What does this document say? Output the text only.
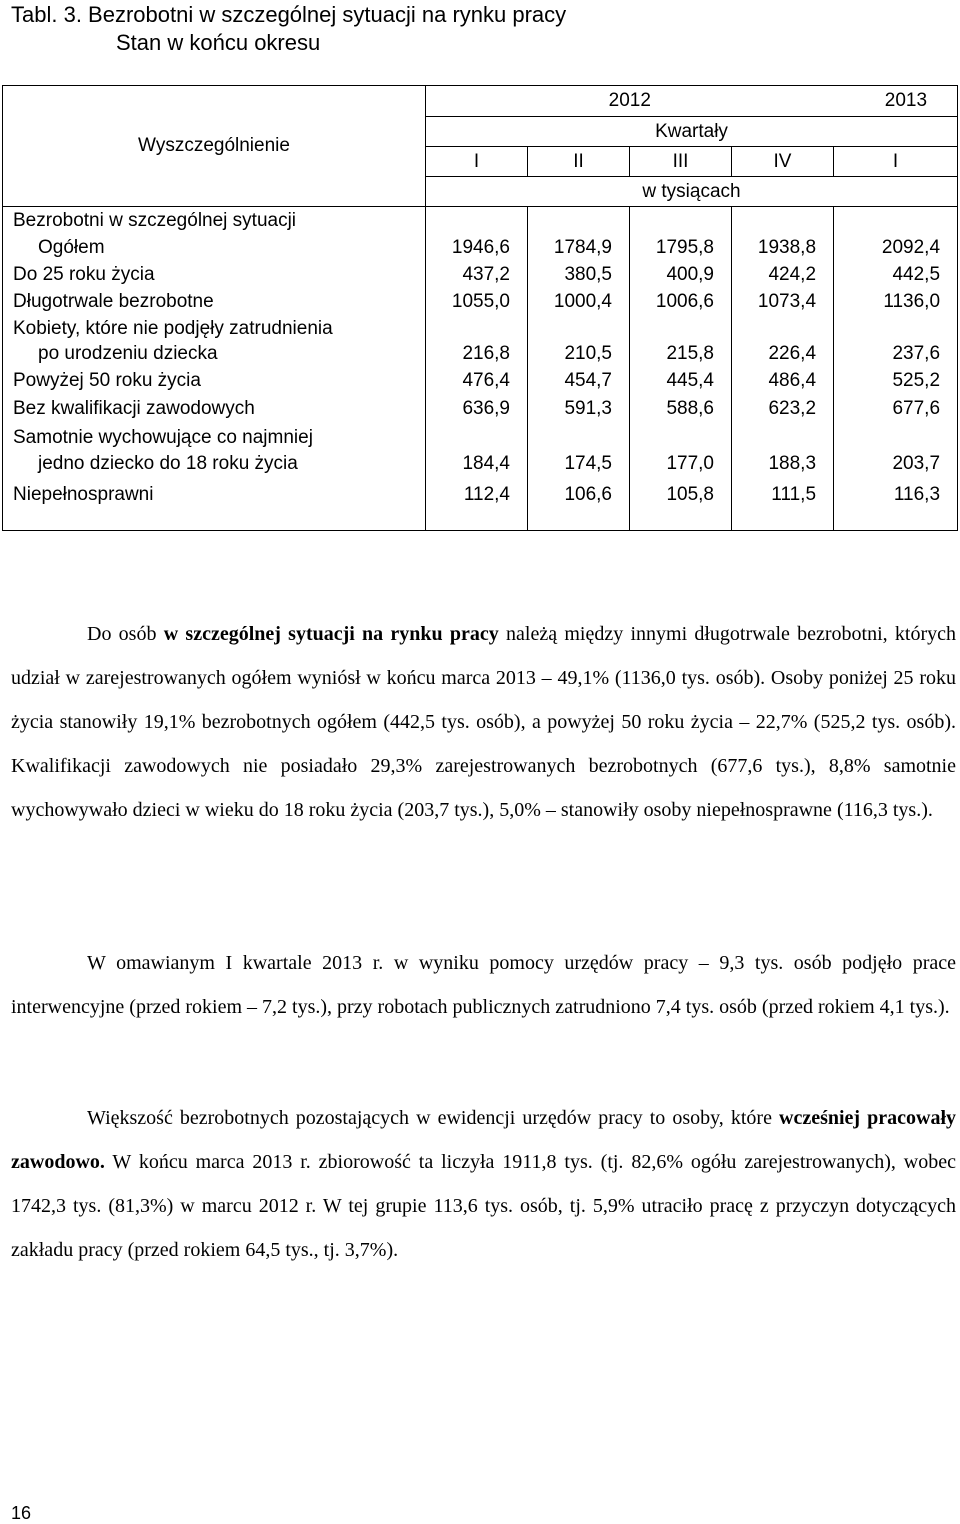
Tabl. 3. Bezrobotni w szczególnej sytuacji na rynku pracy
Stan w końcu okresu
Wyszczególnienie	2012				2013
	Kwartały				
	I	II	III	IV	I
	w tysiącach				
Bezrobotni w szczególnej sytuacji					
Ogółem	1946,6	1784,9	1795,8	1938,8	2092,4
Do 25 roku życia	437,2	380,5	400,9	424,2	442,5
Długotrwale bezrobotne	1055,0	1000,4	1006,6	1073,4	1136,0
Kobiety, które nie podjęły zatrudnienia					
po urodzeniu dziecka	216,8	210,5	215,8	226,4	237,6
Powyżej 50 roku życia	476,4	454,7	445,4	486,4	525,2
Bez kwalifikacji zawodowych	636,9	591,3	588,6	623,2	677,6
Samotnie wychowujące co najmniej					
jedno dziecko do 18 roku życia	184,4	174,5	177,0	188,3	203,7
Niepełnosprawni	112,4	106,6	105,8	111,5	116,3

Do osób w szczególnej sytuacji na rynku pracy należą między innymi długotrwale bezrobotni, których udział w zarejestrowanych ogółem wyniósł w końcu marca 2013 – 49,1% (1136,0 tys. osób). Osoby poniżej 25 roku życia stanowiły 19,1% bezrobotnych ogółem (442,5 tys. osób), a powyżej 50 roku życia – 22,7% (525,2 tys. osób). Kwalifikacji zawodowych nie posiadało 29,3% zarejestrowanych bezrobotnych (677,6 tys.), 8,8% samotnie wychowywało dzieci w wieku do 18 roku życia (203,7 tys.), 5,0% – stanowiły osoby niepełnosprawne (116,3 tys.).

W omawianym I kwartale 2013 r. w wyniku pomocy urzędów pracy – 9,3 tys. osób podjęło prace interwencyjne (przed rokiem – 7,2 tys.), przy robotach publicznych zatrudniono 7,4 tys. osób (przed rokiem 4,1 tys.).

Większość bezrobotnych pozostających w ewidencji urzędów pracy to osoby, które wcześniej pracowały zawodowo. W końcu marca 2013 r. zbiorowość ta liczyła 1911,8 tys. (tj. 82,6% ogółu zarejestrowanych), wobec 1742,3 tys. (81,3%) w marcu 2012 r. W tej grupie 113,6 tys. osób, tj. 5,9% utraciło pracę z przyczyn dotyczących zakładu pracy (przed rokiem 64,5 tys., tj. 3,7%).

16
